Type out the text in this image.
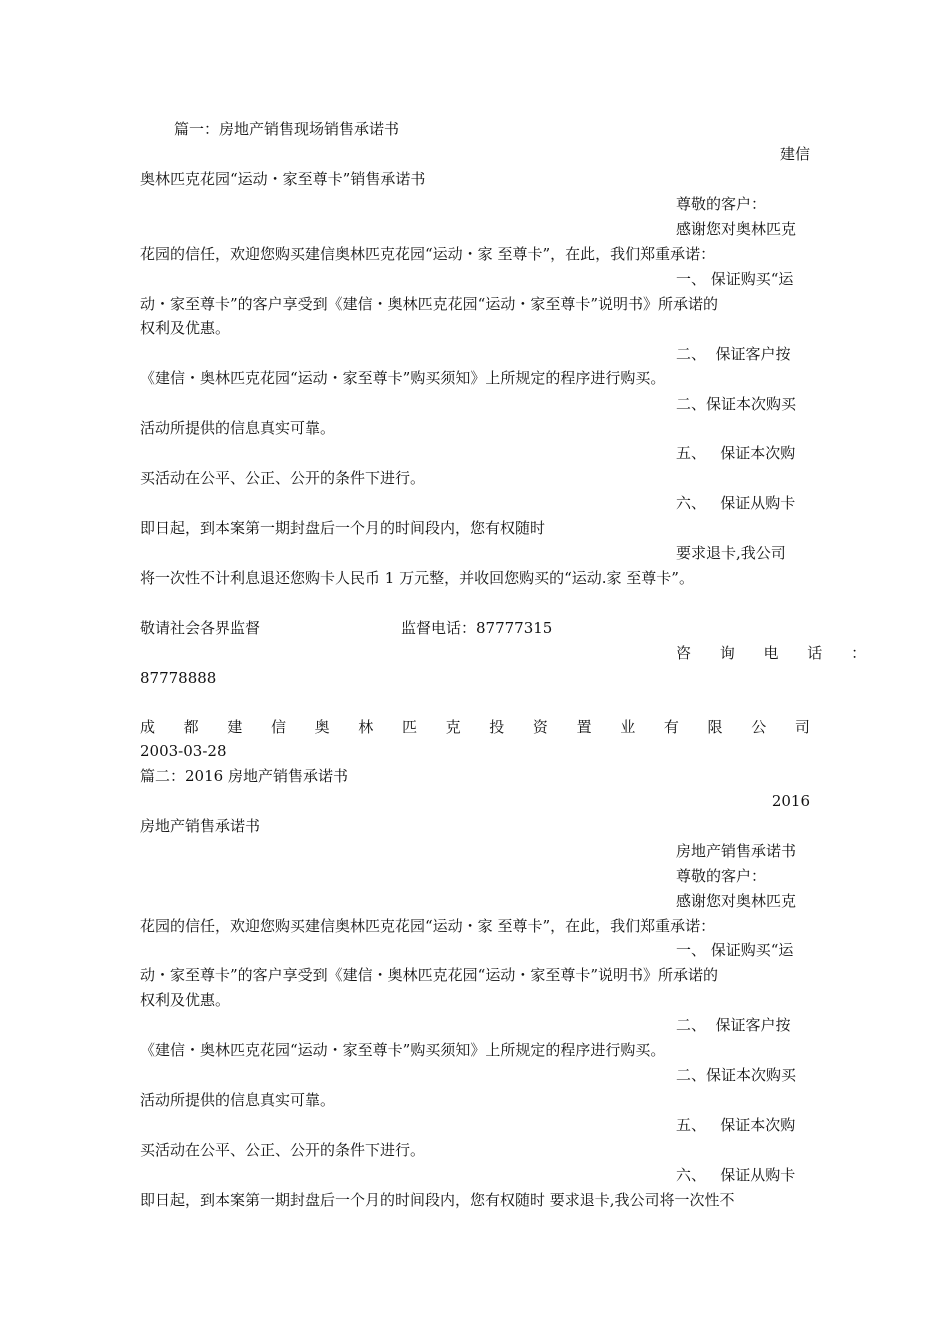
篇一：房地产销售现场销售承诺书
建信
奥林匹克花园“运动・家至尊卡”销售承诺书
尊敬的客户：
感谢您对奥林匹克
花园的信任，欢迎您购买建信奥林匹克花园“运动・家 至尊卡”，在此，我们郑重承诺：
一、 保证购买“运
动・家至尊卡”的客户享受到《建信・奥林匹克花园“运动・家至尊卡”说明书》所承诺的
权利及优惠。
二、  保证客户按
《建信・奥林匹克花园“运动・家至尊卡”购买须知》上所规定的程序进行购买。
二、保证本次购买
活动所提供的信息真实可靠。
五、   保证本次购
买活动在公平、公正、公开的条件下进行。
六、   保证从购卡
即日起，到本案第一期封盘后一个月的时间段内，您有权随时
要求退卡,我公司
将一次性不计利息退还您购卡人民币 1 万元整，并收回您购买的“运动.家 至尊卡”。
敬请社会各界监督	监督电话：87777315
咨 询 电 话 ：
87778888
成 都 建 信 奥 林 匹 克 投 资 置 业 有 限 公 司
2003-03-28
篇二：2016 房地产销售承诺书
2016
房地产销售承诺书
房地产销售承诺书
尊敬的客户：
感谢您对奥林匹克
花园的信任，欢迎您购买建信奥林匹克花园“运动・家 至尊卡”，在此，我们郑重承诺：
一、 保证购买“运
动・家至尊卡”的客户享受到《建信・奥林匹克花园“运动・家至尊卡”说明书》所承诺的
权利及优惠。
二、  保证客户按
《建信・奥林匹克花园“运动・家至尊卡”购买须知》上所规定的程序进行购买。
二、保证本次购买
活动所提供的信息真实可靠。
五、   保证本次购
买活动在公平、公正、公开的条件下进行。
六、   保证从购卡
即日起，到本案第一期封盘后一个月的时间段内，您有权随时 要求退卡,我公司将一次性不
